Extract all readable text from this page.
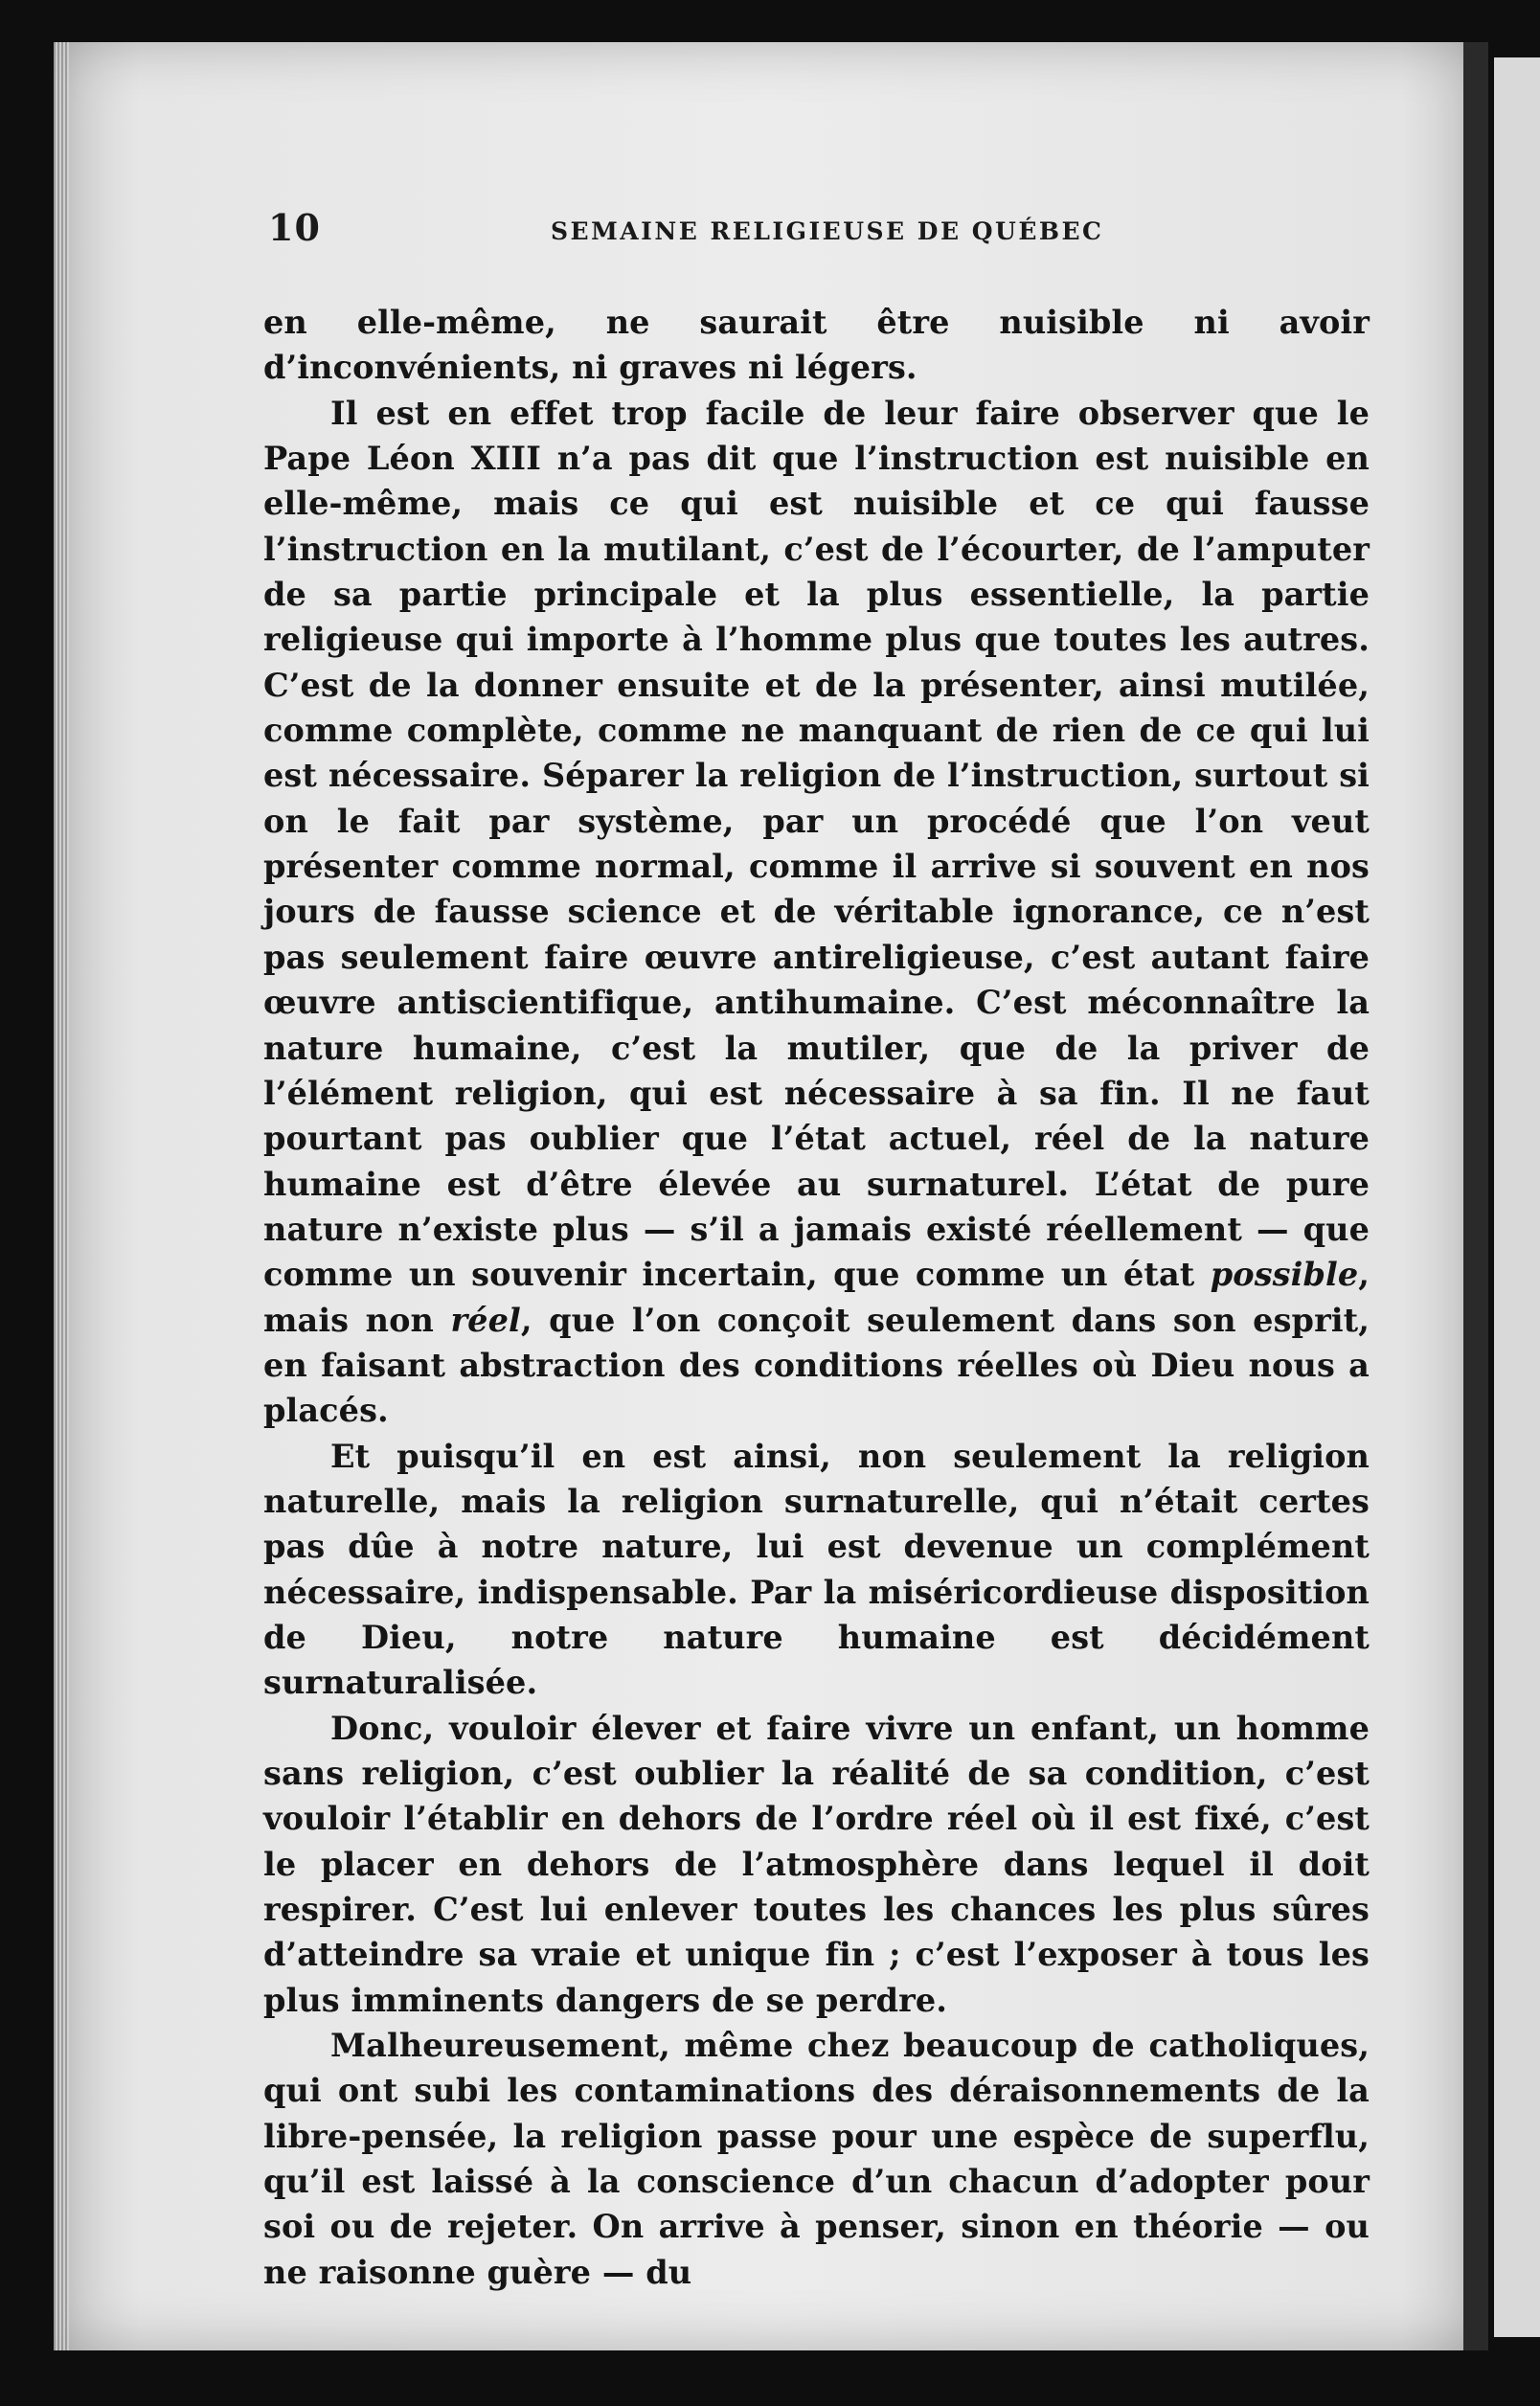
10	SEMAINE RELIGIEUSE DE QUÉBEC

en elle-même, ne saurait être nuisible ni avoir d’inconvénients, ni graves ni légers.

Il est en effet trop facile de leur faire observer que le Pape Léon XIII n’a pas dit que l’instruction est nuisible en elle-même, mais ce qui est nuisible et ce qui fausse l’instruction en la mutilant, c’est de l’écourter, de l’amputer de sa partie principale et la plus essentielle, la partie religieuse qui importe à l’homme plus que toutes les autres. C’est de la donner ensuite et de la présenter, ainsi mutilée, comme complète, comme ne manquant de rien de ce qui lui est nécessaire. Séparer la religion de l’instruction, surtout si on le fait par système, par un procédé que l’on veut présenter comme normal, comme il arrive si souvent en nos jours de fausse science et de véritable ignorance, ce n’est pas seulement faire œuvre antireligieuse, c’est autant faire œuvre antiscientifique, antihumaine. C’est méconnaître la nature humaine, c’est la mutiler, que de la priver de l’élément religion, qui est nécessaire à sa fin. Il ne faut pourtant pas oublier que l’état actuel, réel de la nature humaine est d’être élevée au surnaturel. L’état de pure nature n’existe plus — s’il a jamais existé réellement — que comme un souvenir incertain, que comme un état possible, mais non réel, que l’on conçoit seulement dans son esprit, en faisant abstraction des conditions réelles où Dieu nous a placés.

Et puisqu’il en est ainsi, non seulement la religion naturelle, mais la religion surnaturelle, qui n’était certes pas dûe à notre nature, lui est devenue un complément nécessaire, indispensable. Par la miséricordieuse disposition de Dieu, notre nature humaine est décidément surnaturalisée.

Donc, vouloir élever et faire vivre un enfant, un homme sans religion, c’est oublier la réalité de sa condition, c’est vouloir l’établir en dehors de l’ordre réel où il est fixé, c’est le placer en dehors de l’atmosphère dans lequel il doit respirer. C’est lui enlever toutes les chances les plus sûres d’atteindre sa vraie et unique fin ; c’est l’exposer à tous les plus imminents dangers de se perdre.

Malheureusement, même chez beaucoup de catholiques, qui ont subi les contaminations des déraisonnements de la libre-pensée, la religion passe pour une espèce de superflu, qu’il est laissé à la conscience d’un chacun d’adopter pour soi ou de rejeter. On arrive à penser, sinon en théorie — ou ne raisonne guère — du
